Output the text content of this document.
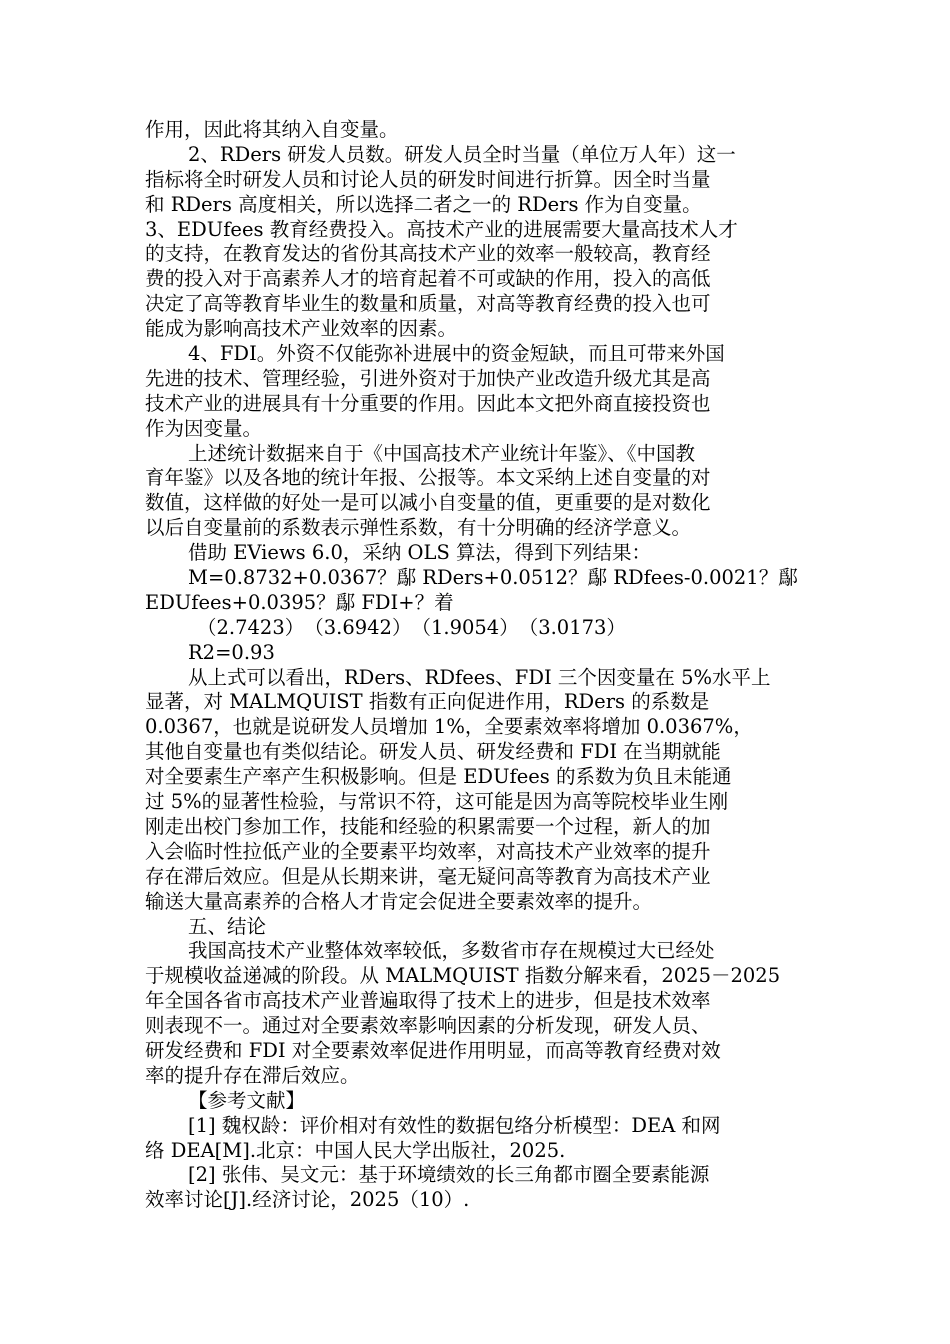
作用，因此将其纳入自变量。
2、RDers 研发人员数。研发人员全时当量（单位万人年）这一
指标将全时研发人员和讨论人员的研发时间进行折算。因全时当量
和 RDers 高度相关，所以选择二者之一的 RDers 作为自变量。
3、EDUfees 教育经费投入。高技术产业的进展需要大量高技术人才
的支持，在教育发达的省份其高技术产业的效率一般较高，教育经
费的投入对于高素养人才的培育起着不可或缺的作用，投入的高低
决定了高等教育毕业生的数量和质量，对高等教育经费的投入也可
能成为影响高技术产业效率的因素。
4、FDI。外资不仅能弥补进展中的资金短缺，而且可带来外国
先进的技术、管理经验，引进外资对于加快产业改造升级尤其是高
技术产业的进展具有十分重要的作用。因此本文把外商直接投资也
作为因变量。
上述统计数据来自于《中国高技术产业统计年鉴》、《中国教
育年鉴》以及各地的统计年报、公报等。本文采纳上述自变量的对
数值，这样做的好处一是可以减小自变量的值，更重要的是对数化
以后自变量前的系数表示弹性系数，有十分明确的经济学意义。
借助 EViews 6.0，采纳 OLS 算法，得到下列结果：
M=0.8732+0.0367？鄬 RDers+0.0512？鄬 RDfees-0.0021？鄬
EDUfees+0.0395？鄬 FDI+？着
（2.7423）　（3.6942）　（1.9054）　（3.0173）
R2=0.93
从上式可以看出，RDers、RDfees、FDI 三个因变量在 5%水平上
显著，对 MALMQUIST 指数有正向促进作用，RDers 的系数是
0.0367，也就是说研发人员增加 1%，全要素效率将增加 0.0367%，
其他自变量也有类似结论。研发人员、研发经费和 FDI 在当期就能
对全要素生产率产生积极影响。但是 EDUfees 的系数为负且未能通
过 5%的显著性检验，与常识不符，这可能是因为高等院校毕业生刚
刚走出校门参加工作，技能和经验的积累需要一个过程，新人的加
入会临时性拉低产业的全要素平均效率，对高技术产业效率的提升
存在滞后效应。但是从长期来讲，毫无疑问高等教育为高技术产业
输送大量高素养的合格人才肯定会促进全要素效率的提升。
五、结论
我国高技术产业整体效率较低，多数省市存在规模过大已经处
于规模收益递减的阶段。从 MALMQUIST 指数分解来看，2025－2025
年全国各省市高技术产业普遍取得了技术上的进步，但是技术效率
则表现不一。通过对全要素效率影响因素的分析发现，研发人员、
研发经费和 FDI 对全要素效率促进作用明显，而高等教育经费对效
率的提升存在滞后效应。
【参考文献】
[1] 魏权龄：评价相对有效性的数据包络分析模型：DEA 和网
络 DEA[M].北京：中国人民大学出版社，2025.
[2] 张伟、吴文元：基于环境绩效的长三角都市圈全要素能源
效率讨论[J].经济讨论，2025（10）.
